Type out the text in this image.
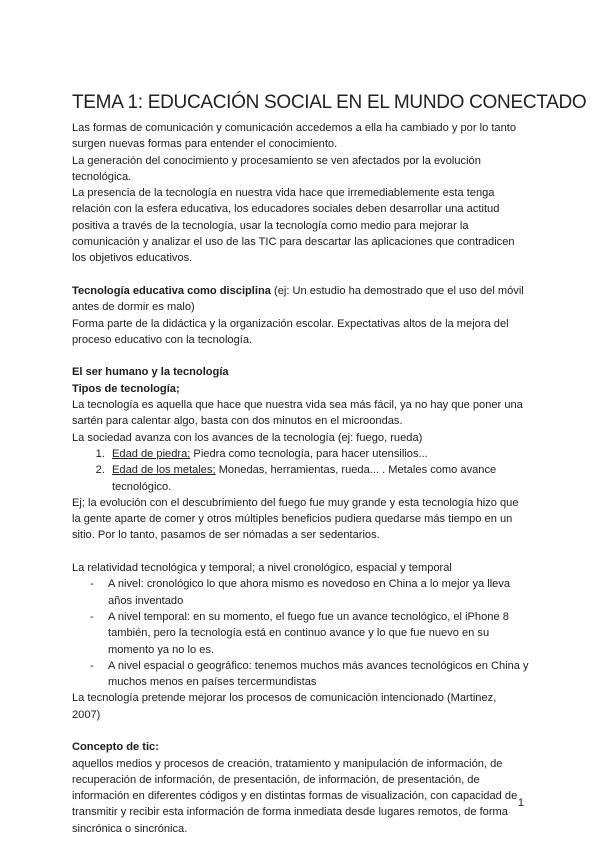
TEMA 1: EDUCACIÓN SOCIAL EN EL MUNDO CONECTADO

Las formas de comunicación y comunicación accedemos a ella ha cambiado y por lo tanto

surgen nuevas formas para entender el conocimiento.

La generación del conocimiento y procesamiento se ven afectados por la evolución

tecnológica.

La presencia de la tecnología en nuestra vida hace que irremediablemente esta tenga

relación con la esfera educativa, los educadores sociales deben desarrollar una actitud

positiva a través de la tecnología, usar la tecnología como medio para mejorar la

comunicación y analizar el uso de las TIC para descartar las aplicaciones que contradicen

los objetivos educativos.

Tecnología educativa como disciplina (ej: Un estudio ha demostrado que el uso del móvil

antes de dormir es malo)

Forma parte de la didáctica y la organización escolar. Expectativas altos de la mejora del

proceso educativo con la tecnología.

El ser humano y la tecnología

Tipos de tecnología;

La tecnología es aquella que hace que nuestra vida sea más fácil, ya no hay que poner una

sartén para calentar algo, basta con dos minutos en el microondas.

La sociedad avanza con los avances de la tecnología (ej: fuego, rueda)

1. Edad de piedra; Piedra como tecnología, para hacer utensilios...
2. Edad de los metales; Monedas, herramientas, rueda... . Metales como avance tecnológico.

Ej; la evolución con el descubrimiento del fuego fue muy grande y esta tecnología hizo que

la gente aparte de comer y otros múltiples beneficios pudiera quedarse más tiempo en un

sitio. Por lo tanto, pasamos de ser nómadas a ser sedentarios.

La relatividad tecnológica y temporal; a nivel cronológico, espacial y temporal

- A nivel: cronológico lo que ahora mismo es novedoso en China a lo mejor ya lleva años inventado
- A nivel temporal: en su momento, el fuego fue un avance tecnológico, el iPhone 8 también, pero la tecnología está en continuo avance y lo que fue nuevo en su momento ya no lo es.
- A nivel espacial o geográfico: tenemos muchos más avances tecnológicos en China y muchos menos en países tercermundistas

La tecnología pretende mejorar los procesos de comunicación intencionado (Martinez,

2007)

Concepto de tic:

aquellos medios y procesos de creación, tratamiento y manipulación de información, de

recuperación de información, de presentación, de información, de presentación, de

información en diferentes códigos y en distintas formas de visualización, con capacidad de

transmitir y recibir esta información de forma inmediata desde lugares remotos, de forma

sincrónica o sincrónica.

1
